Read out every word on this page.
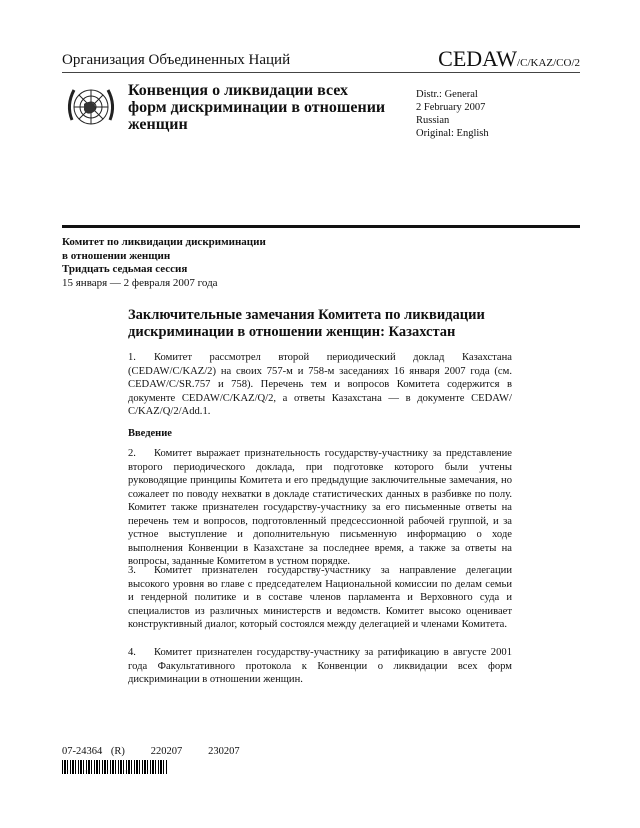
Организация Объединенных Наций	CEDAW/C/KAZ/CO/2
Конвенция о ликвидации всех форм дискриминации в отношении женщин
Distr.: General
2 February 2007
Russian
Original: English
Комитет по ликвидации дискриминации
в отношении женщин
Тридцать седьмая сессия
15 января — 2 февраля 2007 года
Заключительные замечания Комитета по ликвидации дискриминации в отношении женщин: Казахстан
1. Комитет рассмотрел второй периодический доклад Казахстана (CEDAW/C/KAZ/2) на своих 757-м и 758-м заседаниях 16 января 2007 года (см. CEDAW/C/SR.757 и 758). Перечень тем и вопросов Комитета содержится в документе CEDAW/C/KAZ/Q/2, а ответы Казахстана — в документе CEDAW/ C/KAZ/Q/2/Add.1.
Введение
2. Комитет выражает признательность государству-участнику за представление второго периодического доклада, при подготовке которого были учтены руководящие принципы Комитета и его предыдущие заключительные замечания, но сожалеет по поводу нехватки в докладе статистических данных в разбивке по полу. Комитет также признателен государству-участнику за его письменные ответы на перечень тем и вопросов, подготовленный предсессионной рабочей группой, и за устное выступление и дополнительную письменную информацию о ходе выполнения Конвенции в Казахстане за последнее время, а также за ответы на вопросы, заданные Комитетом в устном порядке.
3. Комитет признателен государству-участнику за направление делегации высокого уровня во главе с председателем Национальной комиссии по делам семьи и гендерной политике и в составе членов парламента и Верховного суда и специалистов из различных министерств и ведомств. Комитет высоко оценивает конструктивный диалог, который состоялся между делегацией и членами Комитета.
4. Комитет признателен государству-участнику за ратификацию в августе 2001 года Факультативного протокола к Конвенции о ликвидации всех форм дискриминации в отношении женщин.
07-24364 (R)   220207   230207
